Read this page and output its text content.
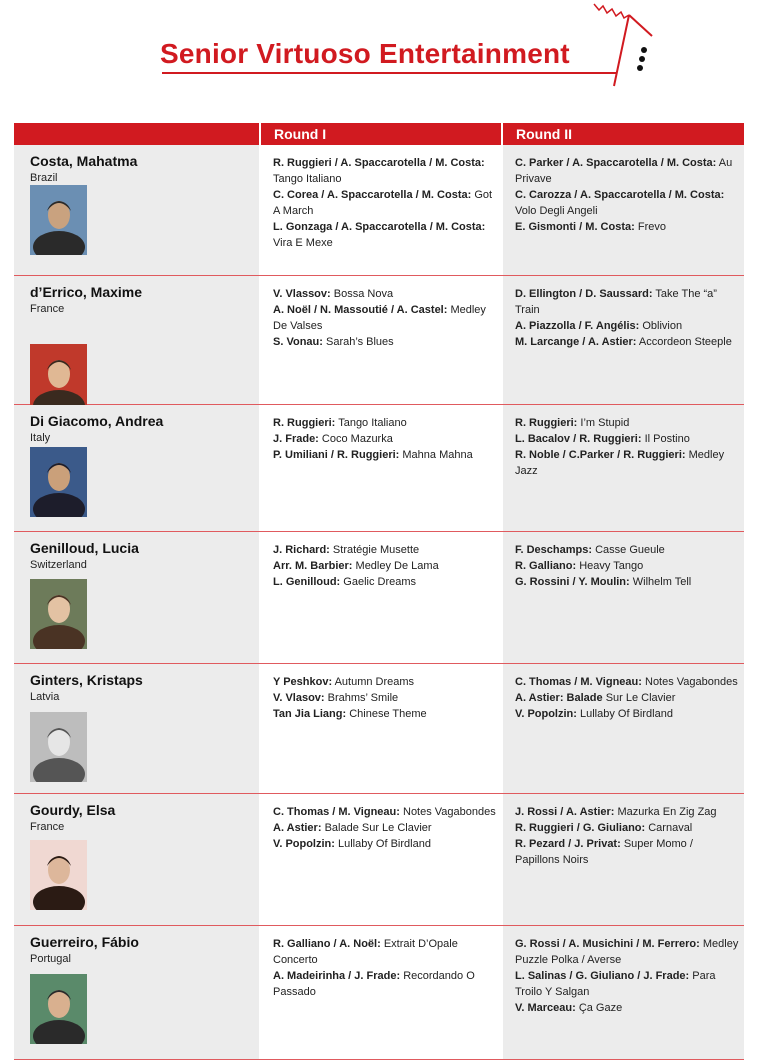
Senior Virtuoso Entertainment
Round I	Round II
Costa, Mahatma
Brazil
R. Ruggieri / A. Spaccarotella / M. Costa: Tango Italiano
C. Corea / A. Spaccarotella / M. Costa: Got A March
L. Gonzaga / A. Spaccarotella / M. Costa: Vira E Mexe
C. Parker / A. Spaccarotella / M. Costa: Au Privave
C. Carozza / A. Spaccarotella / M. Costa: Volo Degli Angeli
E. Gismonti / M. Costa: Frevo
d’Errico, Maxime
France
V. Vlassov: Bossa Nova
A. Noël / N. Massoutié / A. Castel: Medley De Valses
S. Vonau: Sarah’s Blues
D. Ellington / D. Saussard: Take The “a” Train
A. Piazzolla / F. Angélis: Oblivion
M. Larcange / A. Astier: Accordeon Steeple
Di Giacomo, Andrea
Italy
R. Ruggieri: Tango Italiano
J. Frade: Coco Mazurka
P. Umiliani / R. Ruggieri: Mahna Mahna
R. Ruggieri: I’m Stupid
L. Bacalov / R. Ruggieri: Il Postino
R. Noble / C.Parker / R. Ruggieri: Medley Jazz
Genilloud, Lucia
Switzerland
J. Richard: Stratégie Musette
Arr. M. Barbier: Medley De Lama
L. Genilloud: Gaelic Dreams
F. Deschamps: Casse Gueule
R. Galliano: Heavy Tango
G. Rossini / Y. Moulin: Wilhelm Tell
Ginters, Kristaps
Latvia
Y Peshkov: Autumn Dreams
V. Vlasov: Brahms’ Smile
Tan Jia Liang: Chinese Theme
C. Thomas / M. Vigneau: Notes Vagabondes
A. Astier: Balade Sur Le Clavier
V. Popolzin: Lullaby Of Birdland
Gourdy, Elsa
France
C. Thomas / M. Vigneau: Notes Vagabondes
A. Astier: Balade Sur Le Clavier
V. Popolzin: Lullaby Of Birdland
J. Rossi / A. Astier: Mazurka En Zig Zag
R. Ruggieri / G. Giuliano: Carnaval
R. Pezard / J. Privat: Super Momo / Papillons Noirs
Guerreiro, Fábio
Portugal
R. Galliano / A. Noël: Extrait D’Opale Concerto
A. Madeirinha / J. Frade: Recordando O Passado
G. Rossi / A. Musichini / M. Ferrero: Medley Puzzle Polka / Averse
L. Salinas / G. Giuliano / J. Frade: Para Troilo Y Salgan
V. Marceau: Ça Gaze
